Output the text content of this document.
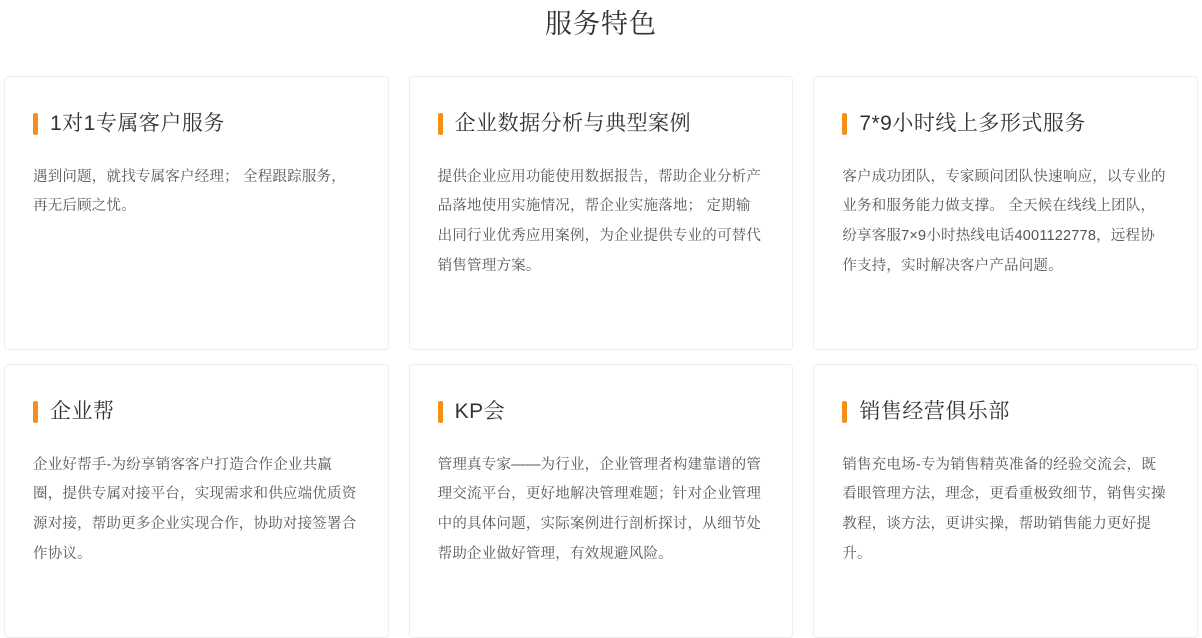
服务特色
1对1专属客户服务
遇到问题，就找专属客户经理； 全程跟踪服务，再无后顾之忧。
企业数据分析与典型案例
提供企业应用功能使用数据报告，帮助企业分析产品落地使用实施情况，帮企业实施落地； 定期输出同行业优秀应用案例，为企业提供专业的可替代销售管理方案。
7*9小时线上多形式服务
客户成功团队，专家顾问团队快速响应，以专业的业务和服务能力做支撑。 全天候在线线上团队，纷享客服7×9小时热线电话4001122778，远程协作支持，实时解决客户产品问题。
企业帮
企业好帮手-为纷享销客客户打造合作企业共赢圈，提供专属对接平台，实现需求和供应端优质资源对接，帮助更多企业实现合作，协助对接签署合作协议。
KP会
管理真专家——为行业，企业管理者构建靠谱的管理交流平台，更好地解决管理难题；针对企业管理中的具体问题，实际案例进行剖析探讨，从细节处帮助企业做好管理，有效规避风险。
销售经营俱乐部
销售充电场-专为销售精英准备的经验交流会，既看眼管理方法，理念，更看重极致细节，销售实操教程，谈方法，更讲实操，帮助销售能力更好提升。
